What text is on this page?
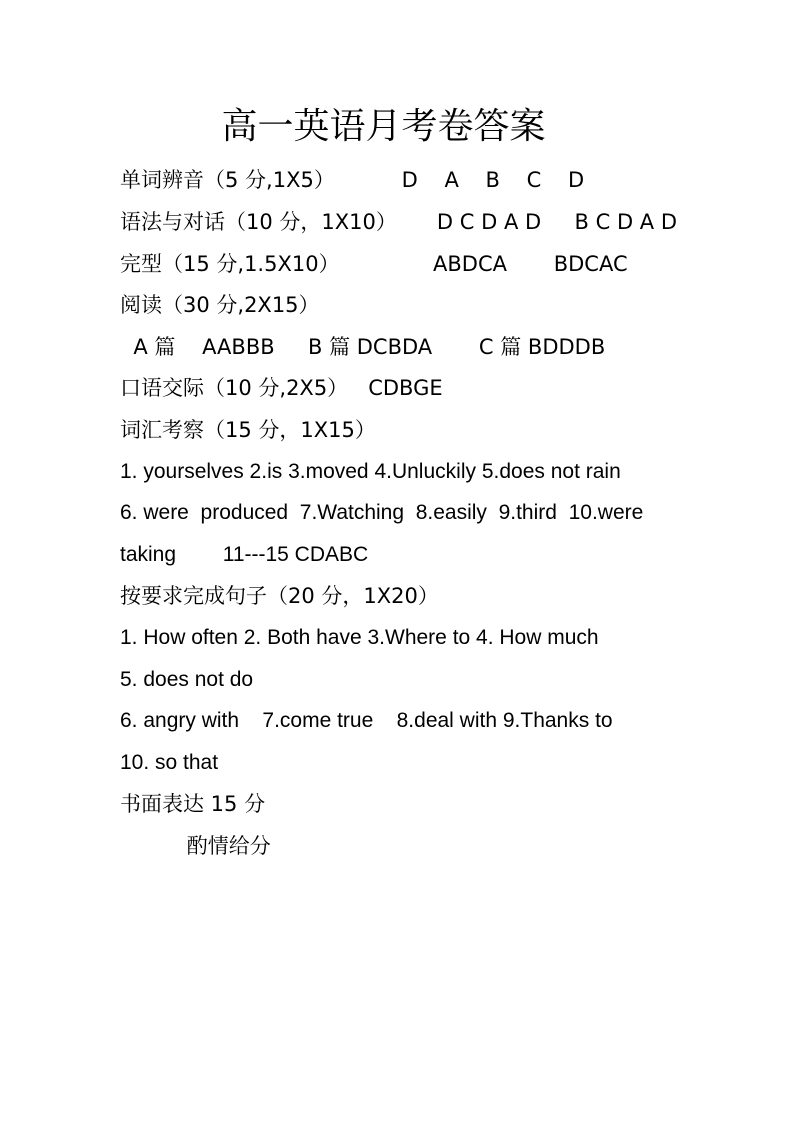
高一英语月考卷答案
单词辨音（5 分,1X5）          D    A    B    C    D
语法与对话（10 分，1X10）      D C D A D     B C D A D
完型（15 分,1.5X10）              ABDCA       BDCAC
阅读（30 分,2X15）
A 篇    AABBB     B 篇 DCBDA       C 篇 BDDDB
口语交际（10 分,2X5）   CDBGE
词汇考察（15 分，1X15）
1. yourselves 2.is 3.moved 4.Unluckily 5.does not rain
6. were  produced  7.Watching  8.easily  9.third  10.were
taking        11---15 CDABC
按要求完成句子（20 分，1X20）
1. How often 2. Both have 3.Where to 4. How much
5. does not do
6. angry with    7.come true    8.deal with 9.Thanks to
10. so that
书面表达 15 分
酌情给分
